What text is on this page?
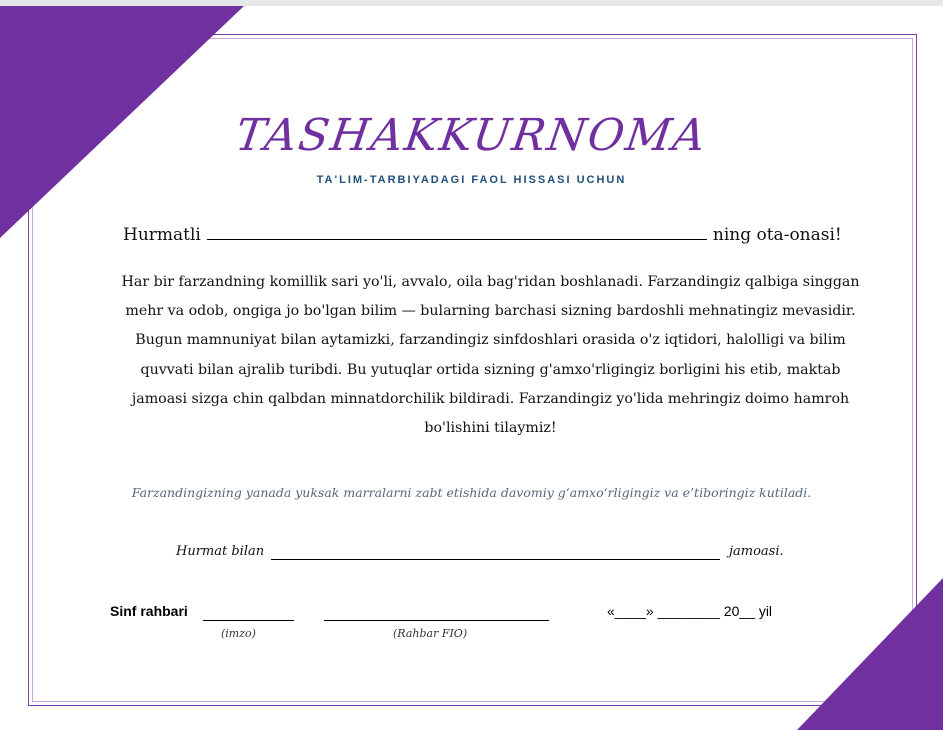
TASHAKKURNOMA
TA'LIM-TARBIYADAGI FAOL HISSASI UCHUN
Hurmatli	ning ota-onasi!
Har bir farzandning komillik sari yo'li, avvalo, oila bag'ridan boshlanadi. Farzandingiz qalbiga singgan mehr va odob, ongiga jo bo'lgan bilim — bularning barchasi sizning bardoshli mehnatingiz mevasidir. Bugun mamnuniyat bilan aytamizki, farzandingiz sinfdoshlari orasida o'z iqtidori, halolligi va bilim quvvati bilan ajralib turibdi. Bu yutuqlar ortida sizning g'amxo'rligingiz borligini his etib, maktab jamoasi sizga chin qalbdan minnatdorchilik bildiradi. Farzandingiz yo'lida mehringiz doimo hamroh bo'lishini tilaymiz!
Farzandingizning yanada yuksak marralarni zabt etishida davomiy g‘amxo‘rligingiz va e’tiboringiz kutiladi.
Hurmat bilan	jamoasi.
Sinf rahbari
(imzo)	(Rahbar FIO)
«____» ________ 20__ yil
